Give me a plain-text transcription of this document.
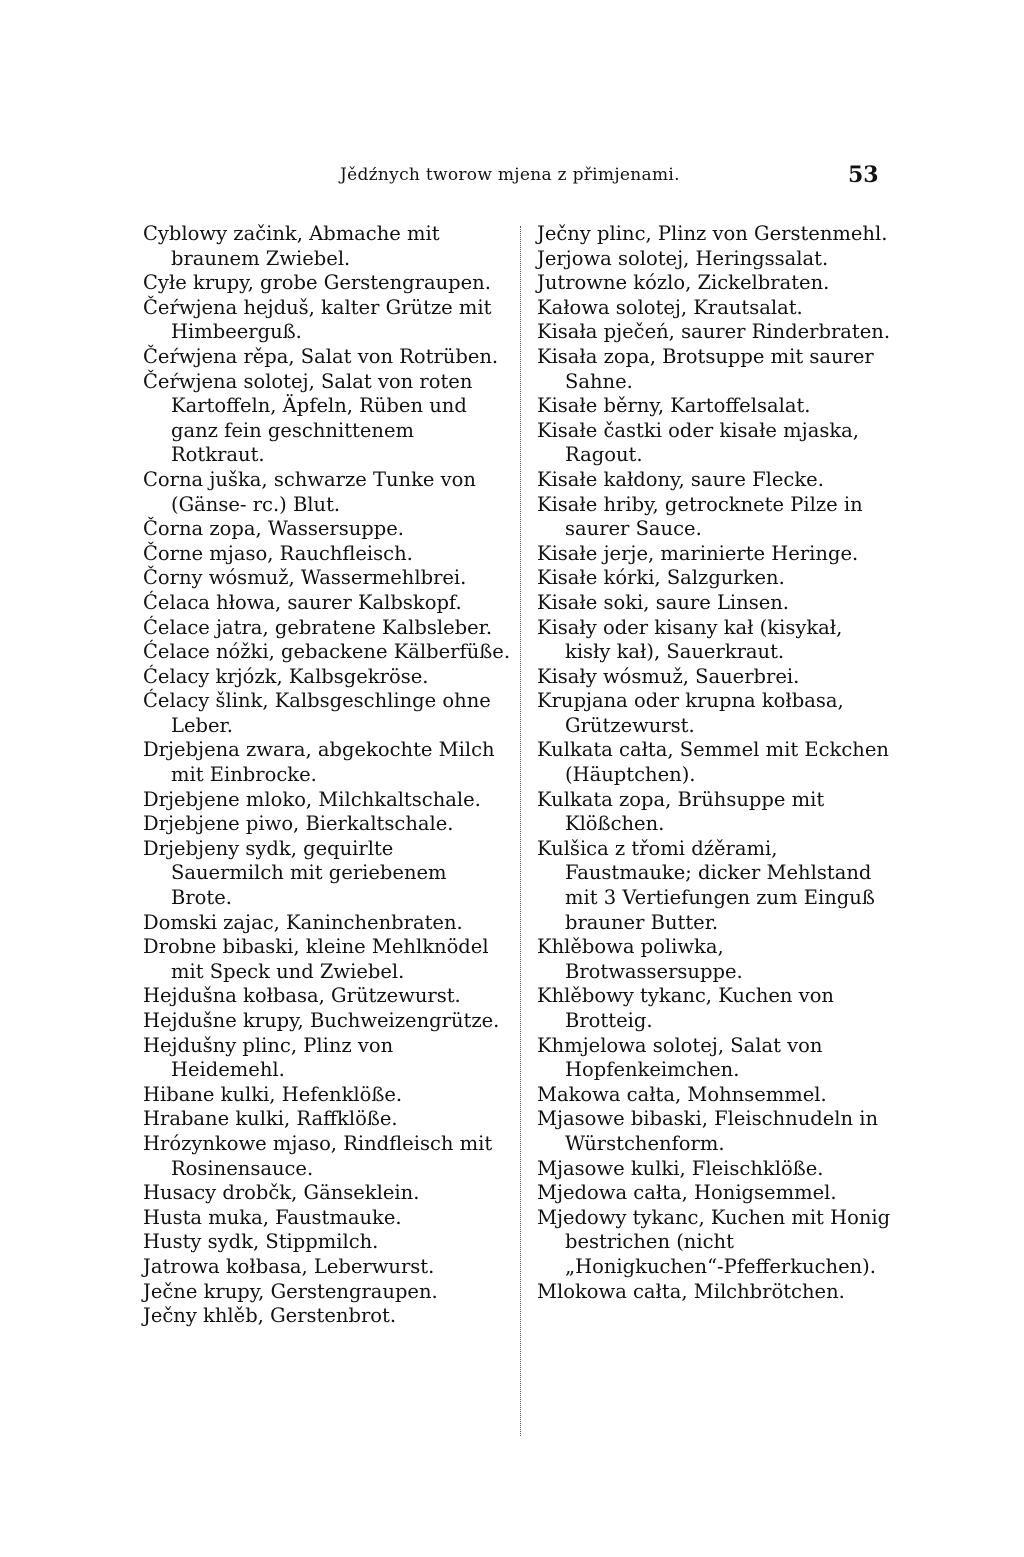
Jědźnych tworow mjena z přimjenami.	53
Cyblowy začink, Abmache mit braunem Zwiebel.
Cyłe krupy, grobe Gerstengraupen.
Čeŕwjena hejduš, kalter Grütze mit Himbeerguß.
Čeŕwjena rěpa, Salat von Rotrüben.
Čeŕwjena solotej, Salat von roten Kartoffeln, Äpfeln, Rüben und ganz fein geschnittenem Rotkraut.
Corna juška, schwarze Tunke von (Gänse- rc.) Blut.
Čorna zopa, Wassersuppe.
Čorne mjaso, Rauchfleisch.
Čorny wósmuž, Wassermehlbrei.
Ćelaca hłowa, saurer Kalbskopf.
Ćelace jatra, gebratene Kalbsleber.
Ćelace nóžki, gebackene Kälberfüße.
Ćelacy krjózk, Kalbsgekröse.
Ćelacy šlink, Kalbsgeschlinge ohne Leber.
Drjebjena zwara, abgekochte Milch mit Einbrocke.
Drjebjene mloko, Milchkaltschale.
Drjebjene piwo, Bierkaltschale.
Drjebjeny sydk, gequirlte Sauermilch mit geriebenem Brote.
Domski zajac, Kaninchenbraten.
Drobne bibaski, kleine Mehlknödel mit Speck und Zwiebel.
Hejdušna kołbasa, Grützewurst.
Hejdušne krupy, Buchweizengrütze.
Hejdušny plinc, Plinz von Heidemehl.
Hibane kulki, Hefenklöße.
Hrabane kulki, Raffklöße.
Hrózynkowe mjaso, Rindfleisch mit Rosinensauce.
Husacy drobčk, Gänseklein.
Husta muka, Faustmauke.
Husty sydk, Stippmilch.
Jatrowa kołbasa, Leberwurst.
Ječne krupy, Gerstengraupen.
Ječny khlěb, Gerstenbrot.
Ječny plinc, Plinz von Gerstenmehl.
Jerjowa solotej, Heringssalat.
Jutrowne kózlo, Zickelbraten.
Kałowa solotej, Krautsalat.
Kisała pječeń, saurer Rinderbraten.
Kisała zopa, Brotsuppe mit saurer Sahne.
Kisałe běrny, Kartoffelsalat.
Kisałe častki oder kisałe mjaska, Ragout.
Kisałe kałdony, saure Flecke.
Kisałe hriby, getrocknete Pilze in saurer Sauce.
Kisałe jerje, marinierte Heringe.
Kisałe kórki, Salzgurken.
Kisałe soki, saure Linsen.
Kisały oder kisany kał (kisykał, kisły kał), Sauerkraut.
Kisały wósmuž, Sauerbrei.
Krupjana oder krupna kołbasa, Grützewurst.
Kulkata całta, Semmel mit Eckchen (Häuptchen).
Kulkata zopa, Brühsuppe mit Klößchen.
Kulšica z třomi dźěrami, Faustmauke; dicker Mehlstand mit 3 Vertiefungen zum Einguß brauner Butter.
Khlěbowa poliwka, Brotwassersuppe.
Khlěbowy tykanc, Kuchen von Brotteig.
Khmjelowa solotej, Salat von Hopfenkeimchen.
Makowa całta, Mohnsemmel.
Mjasowe bibaski, Fleischnudeln in Würstchenform.
Mjasowe kulki, Fleischklöße.
Mjedowa całta, Honigsemmel.
Mjedowy tykanc, Kuchen mit Honig bestrichen (nicht „Honigkuchen“-Pfefferkuchen).
Mlokowa całta, Milchbrötchen.
